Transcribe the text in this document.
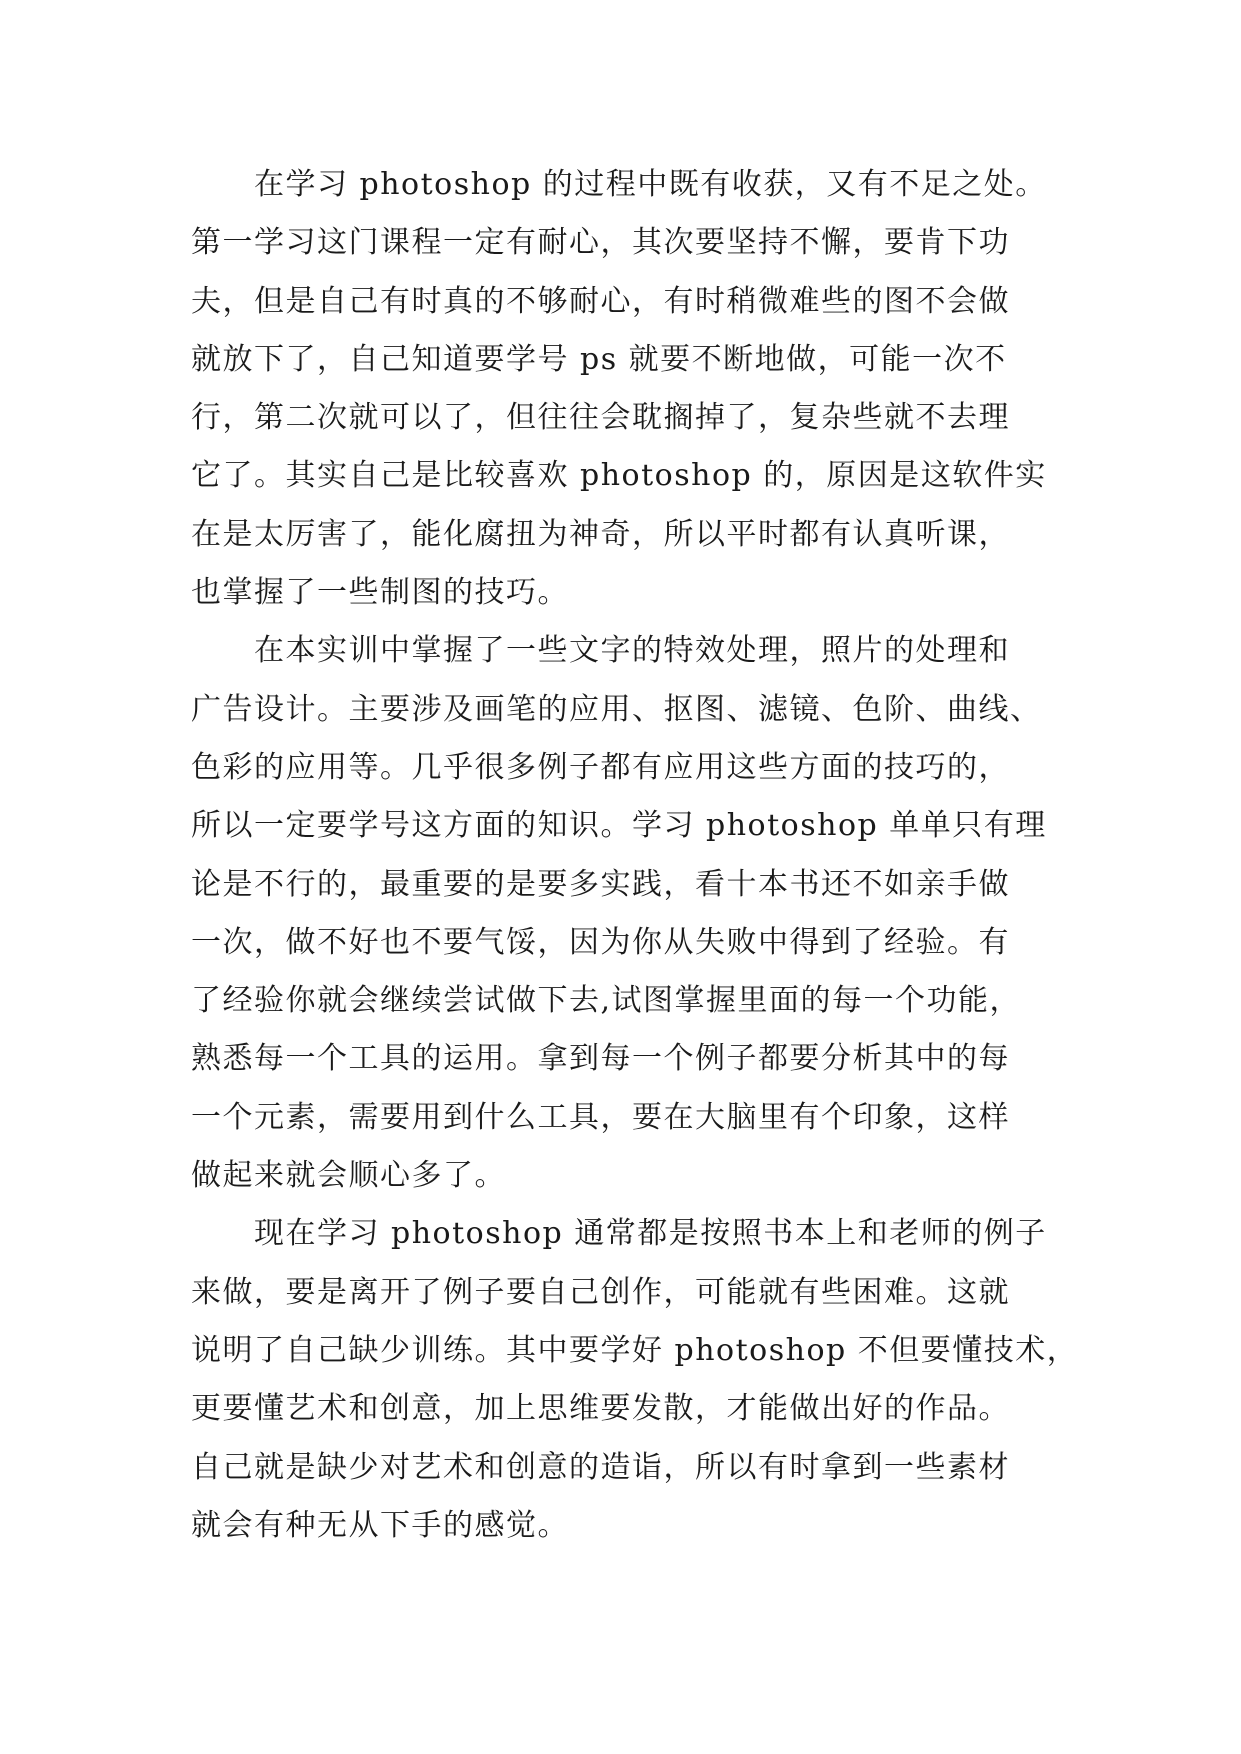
在学习 photoshop 的过程中既有收获，又有不足之处。
第一学习这门课程一定有耐心，其次要坚持不懈，要肯下功
夫，但是自己有时真的不够耐心，有时稍微难些的图不会做
就放下了，自己知道要学号 ps 就要不断地做，可能一次不
行，第二次就可以了，但往往会耽搁掉了，复杂些就不去理
它了。其实自己是比较喜欢 photoshop 的，原因是这软件实
在是太厉害了，能化腐扭为神奇，所以平时都有认真听课，
也掌握了一些制图的技巧。
在本实训中掌握了一些文字的特效处理，照片的处理和
广告设计。主要涉及画笔的应用、抠图、滤镜、色阶、曲线、
色彩的应用等。几乎很多例子都有应用这些方面的技巧的，
所以一定要学号这方面的知识。学习 photoshop 单单只有理
论是不行的，最重要的是要多实践，看十本书还不如亲手做
一次，做不好也不要气馁，因为你从失败中得到了经验。有
了经验你就会继续尝试做下去,试图掌握里面的每一个功能，
熟悉每一个工具的运用。拿到每一个例子都要分析其中的每
一个元素，需要用到什么工具，要在大脑里有个印象，这样
做起来就会顺心多了。
现在学习 photoshop 通常都是按照书本上和老师的例子
来做，要是离开了例子要自己创作，可能就有些困难。这就
说明了自己缺少训练。其中要学好 photoshop 不但要懂技术，
更要懂艺术和创意，加上思维要发散，才能做出好的作品。
自己就是缺少对艺术和创意的造诣，所以有时拿到一些素材
就会有种无从下手的感觉。
